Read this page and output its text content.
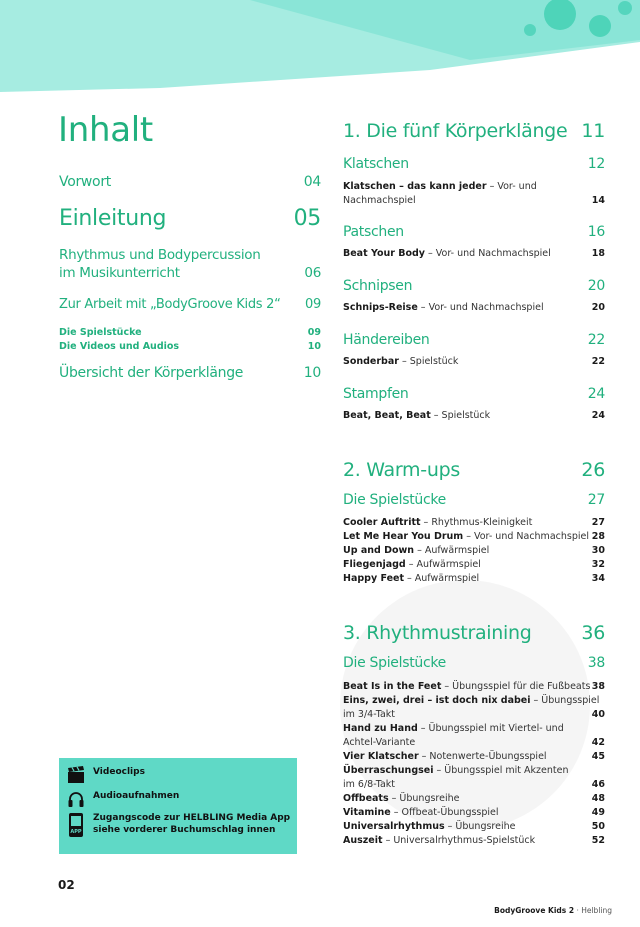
Inhalt
Vorwort	04
Einleitung	05
Rhythmus und Bodypercussion
im Musikunterricht	06
Zur Arbeit mit „BodyGroove Kids 2“ 09
Die Spielstücke	09
Die Videos und Audios	10
Übersicht der Körperklänge	10
1. Die fünf Körperklänge 11
Klatschen	12
Klatschen – das kann jeder – Vor- und
Nachmachspiel	14
Patschen	16
Beat Your Body – Vor- und Nachmachspiel	18
Schnipsen	20
Schnips-Reise – Vor- und Nachmachspiel	20
Händereiben	22
Sonderbar – Spielstück	22
Stampfen	24
Beat, Beat, Beat – Spielstück	24
2. Warm-ups	26
Die Spielstücke	27
Cooler Auftritt – Rhythmus-Kleinigkeit	27
Let Me Hear You Drum – Vor- und Nachmachspiel 28
Up and Down – Aufwärmspiel	30
Fliegenjagd – Aufwärmspiel	32
Happy Feet – Aufwärmspiel	34
3. Rhythmustraining	36
Die Spielstücke	38
Beat Is in the Feet – Übungsspiel für die Fußbeats 38
Eins, zwei, drei – ist doch nix dabei – Übungsspiel
im 3/4-Takt	40
Hand zu Hand – Übungsspiel mit Viertel- und
Achtel-Variante	42
Vier Klatscher – Notenwerte-Übungsspiel	45
Überraschungsei – Übungsspiel mit Akzenten
im 6/8-Takt	46
Offbeats – Übungsreihe	48
Vitamine – Offbeat-Übungsspiel	49
Universalrhythmus – Übungsreihe	50
Auszeit – Universalrhythmus-Spielstück	52
Videoclips
Audioaufnahmen
APP
Zugangscode zur HELBLING Media App
siehe vorderer Buchumschlag innen
02
BodyGroove Kids 2 · Helbling
